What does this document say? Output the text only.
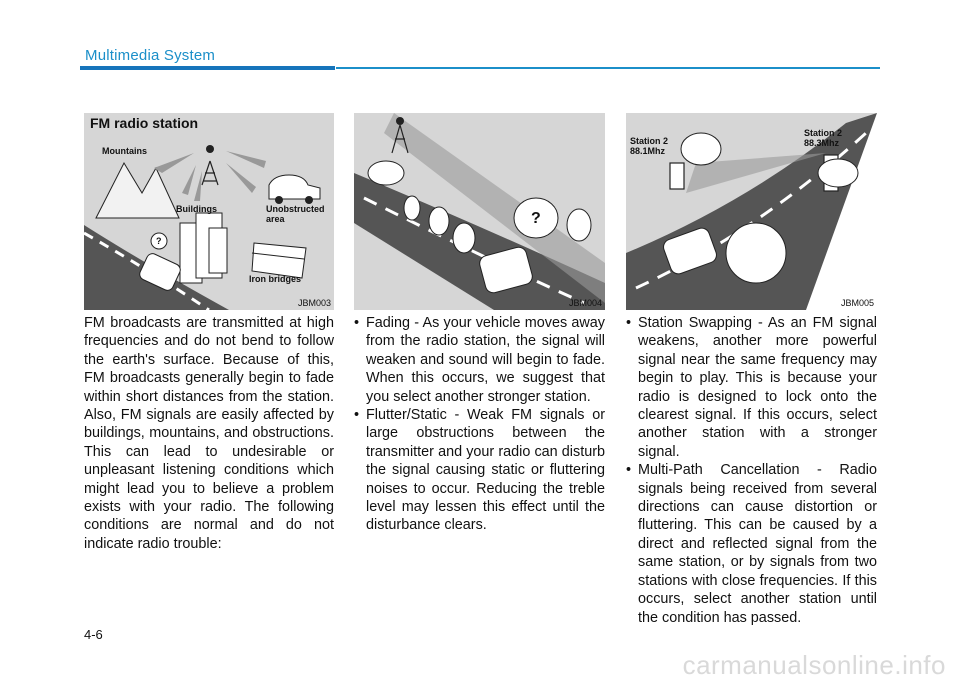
Multimedia System
FM radio station
Mountains
Buildings	Unobstructed
area
Iron bridges
?
JBM003
?
JBM004
Station 2
88.1Mhz
Station 2
88.3Mhz
JBM005

FM broadcasts are transmitted at high frequencies and do not bend to follow the earth's surface. Because of this, FM broadcasts generally begin to fade within short distances from the station. Also, FM signals are easily affected by buildings, mountains, and obstructions. This can lead to undesirable or unpleasant listening conditions which might lead you to believe a problem exists with your radio. The following conditions are normal and do not indicate radio trouble:

• Fading - As your vehicle moves away from the radio station, the signal will weaken and sound will begin to fade. When this occurs, we suggest that you select another stronger station.
• Flutter/Static - Weak FM signals or large obstructions between the transmitter and your radio can disturb the signal causing static or fluttering noises to occur. Reducing the treble level may lessen this effect until the disturbance clears.
• Station Swapping - As an FM signal weakens, another more powerful signal near the same frequency may begin to play. This is because your radio is designed to lock onto the clearest signal. If this occurs, select another station with a stronger signal.
• Multi-Path Cancellation - Radio signals being received from several directions can cause distortion or fluttering. This can be caused by a direct and reflected signal from the same station, or by signals from two stations with close frequencies. If this occurs, select another station until the condition has passed.
4-6
carmanualsonline.info
